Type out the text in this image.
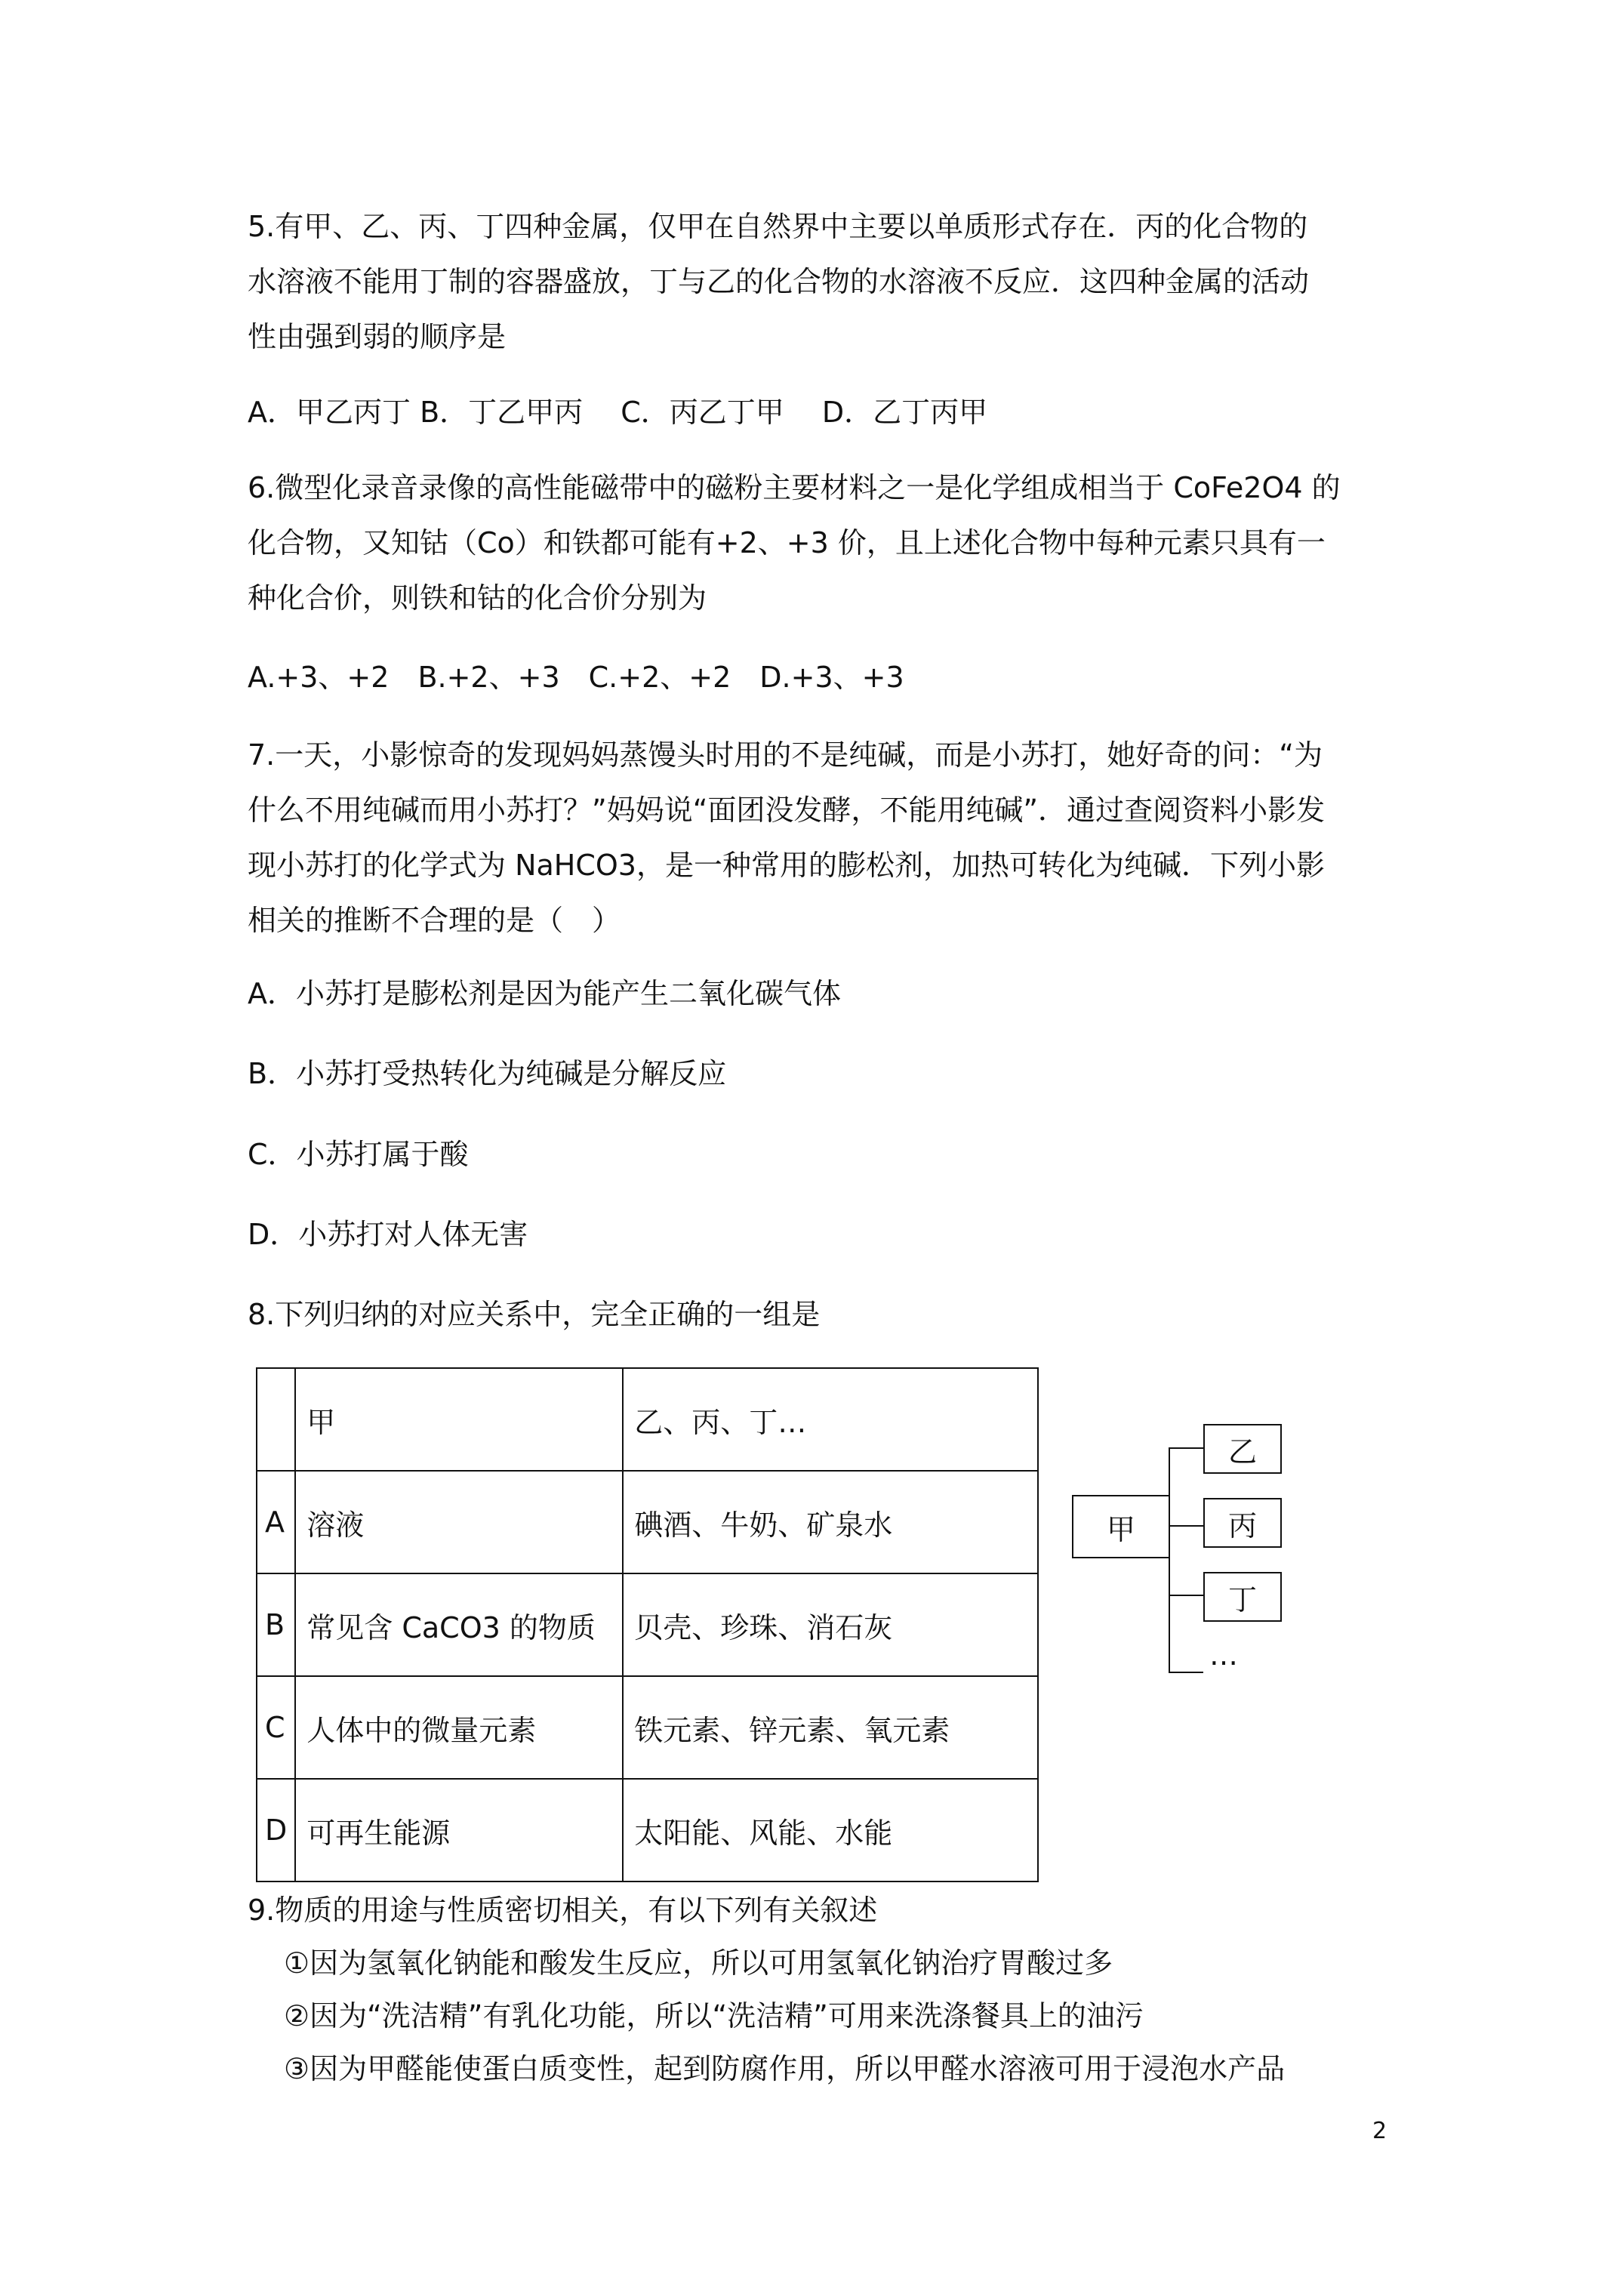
5.有甲、乙、丙、丁四种金属，仅甲在自然界中主要以单质形式存在．丙的化合物的

水溶液不能用丁制的容器盛放，丁与乙的化合物的水溶液不反应．这四种金属的活动

性由强到弱的顺序是

A．甲乙丙丁 B．丁乙甲丙　 C．丙乙丁甲　 D．乙丁丙甲

6.微型化录音录像的高性能磁带中的磁粉主要材料之一是化学组成相当于 CoFe2O4 的

化合物，又知钴（Co）和铁都可能有+2、+3 价，且上述化合物中每种元素只具有一

种化合价，则铁和钴的化合价分别为

A.+3、+2　B.+2、+3　C.+2、+2　D.+3、+3

7.一天，小影惊奇的发现妈妈蒸馒头时用的不是纯碱，而是小苏打，她好奇的问：“为

什么不用纯碱而用小苏打？”妈妈说“面团没发酵，不能用纯碱”．通过查阅资料小影发

现小苏打的化学式为 NaHCO3，是一种常用的膨松剂，加热可转化为纯碱．下列小影

相关的推断不合理的是（　）

A．小苏打是膨松剂是因为能产生二氧化碳气体

B．小苏打受热转化为纯碱是分解反应

C．小苏打属于酸

D．小苏打对人体无害

8.下列归纳的对应关系中，完全正确的一组是

	甲	乙、丙、丁…
A	溶液	碘酒、牛奶、矿泉水
B	常见含 CaCO3 的物质	贝壳、珍珠、消石灰
C	人体中的微量元素	铁元素、锌元素、氧元素
D	可再生能源	太阳能、风能、水能
甲
乙
丙
丁
…

9.物质的用途与性质密切相关，有以下列有关叙述

①因为氢氧化钠能和酸发生反应，所以可用氢氧化钠治疗胃酸过多

②因为“洗洁精”有乳化功能，所以“洗洁精”可用来洗涤餐具上的油污

③因为甲醛能使蛋白质变性，起到防腐作用，所以甲醛水溶液可用于浸泡水产品

2
